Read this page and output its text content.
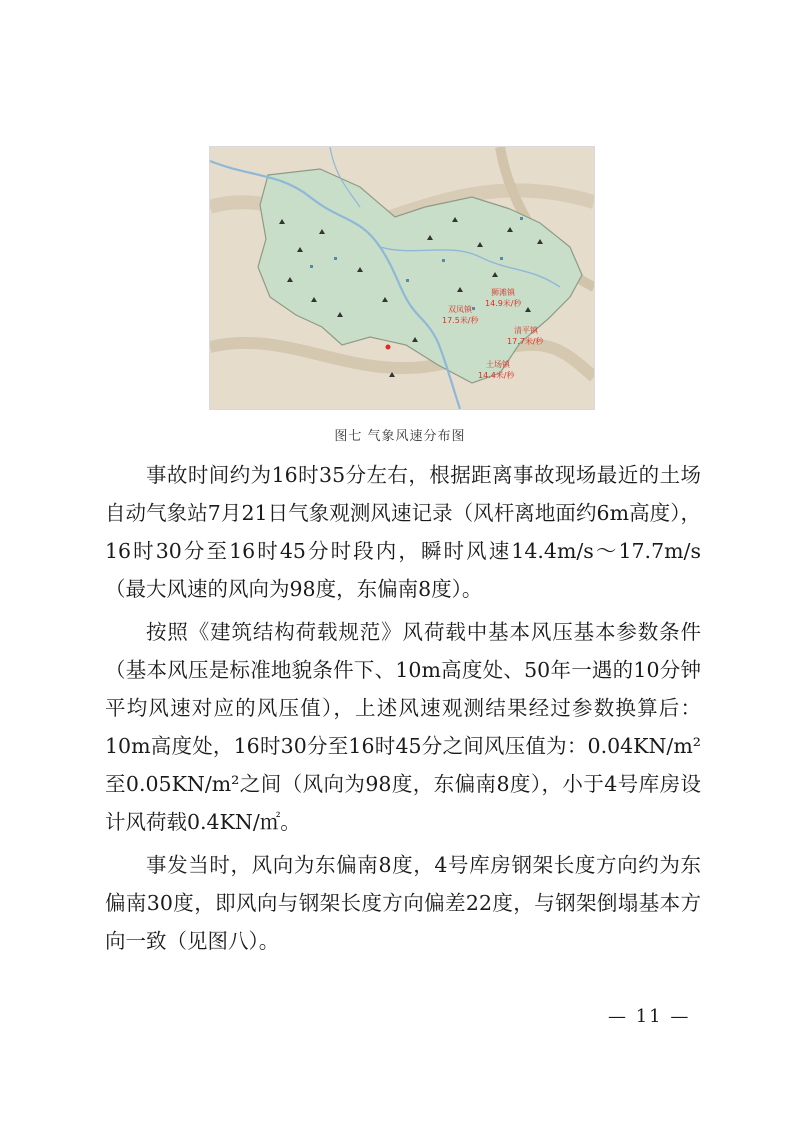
狮滩镇
14.9米/秒
双凤镇
17.5米/秒
清平镇
17.7米/秒
土场镇
14.4米/秒
图七 气象风速分布图

事故时间约为16时35分左右，根据距离事故现场最近的土场自动气象站7月21日气象观测风速记录（风杆离地面约6m高度），16时30分至16时45分时段内，瞬时风速14.4m/s～17.7m/s（最大风速的风向为98度，东偏南8度）。

按照《建筑结构荷载规范》风荷载中基本风压基本参数条件（基本风压是标准地貌条件下、10m高度处、50年一遇的10分钟平均风速对应的风压值），上述风速观测结果经过参数换算后：10m高度处，16时30分至16时45分之间风压值为：0.04KN/m²至0.05KN/m²之间（风向为98度，东偏南8度），小于4号库房设计风荷载0.4KN/㎡。

事发当时，风向为东偏南8度，4号库房钢架长度方向约为东偏南30度，即风向与钢架长度方向偏差22度，与钢架倒塌基本方向一致（见图八）。

— 11 —
